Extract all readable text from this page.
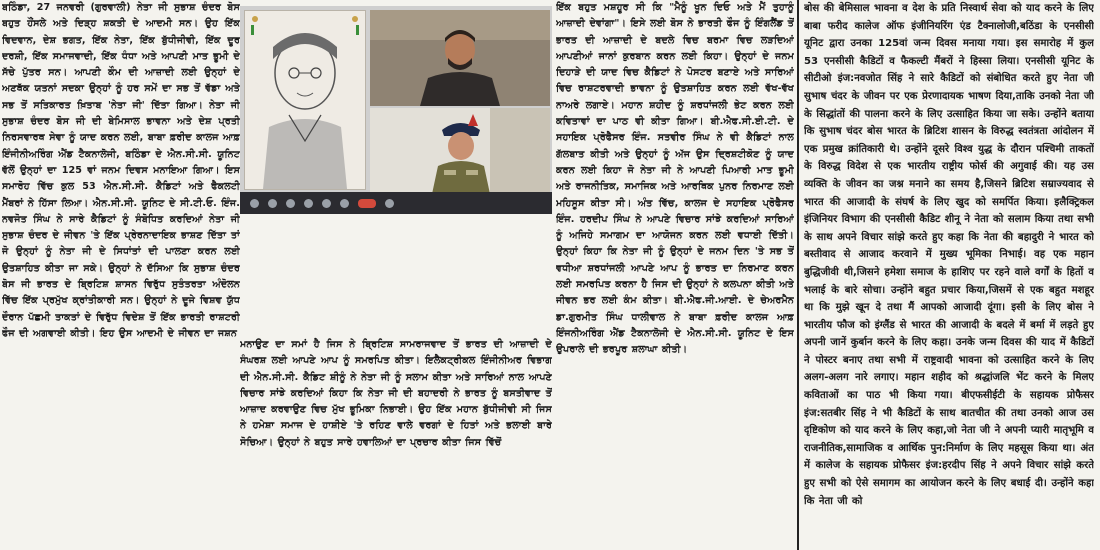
ਬਠਿੰਡਾ, 27 ਜਨਵਰੀ (ਗੁਰਵਾਲੀ) ਨੇਤਾ ਜੀ ਸੁਭਾਸ਼ ਚੰਦਰ ਬੋਸ ਬਹੁਤ ਹੌਂਸਲੇ ਅਤੇ ਦਿੜ੍ਹ ਸ਼ਕਤੀ ਦੇ ਆਦਮੀ ਸਨ। ਉਹ ਇੱਕ ਵਿਦਵਾਨ, ਦੇਸ਼ ਭਗਤ, ਇੱਕ ਨੇਤਾ, ਇੱਕ ਬੁੱਧੀਜੀਵੀ, ਇੱਕ ਦੂਰ ਦਰਸ਼ੀ, ਇੱਕ ਸਮਾਜਵਾਦੀ, ਇੱਕ ਧੰਧਾ ਅਤੇ ਆਪਣੀ ਮਾਤ ਭੂਮੀ ਦੇ ਸੱਚੇ ਪੁੱਤਰ ਸਨ। ਆਪਣੀ ਕੌਮ ਦੀ ਆਜ਼ਾਦੀ ਲਈ ਉਨ੍ਹਾਂ ਦੇ ਅਣਥੱਕ ਯਤਨਾਂ ਸਦਕਾ ਉਨ੍ਹਾਂ ਨੂੰ ਹਰ ਸਮੇਂ ਦਾ ਸਭ ਤੋਂ ਵੱਡਾ ਅਤੇ ਸਭ ਤੋਂ ਸਤਿਕਾਰਤ ਖ਼ਿਤਾਬ 'ਨੇਤਾ ਜੀ' ਦਿੱਤਾ ਗਿਆ। ਨੇਤਾ ਜੀ ਸੁਭਾਸ਼ ਚੰਦਰ ਬੋਸ ਜੀ ਦੀ ਬੇਮਿਸਾਲ ਭਾਵਨਾ ਅਤੇ ਦੇਸ਼ ਪ੍ਰਤੀ ਨਿਰਸਵਾਰਥ ਸੇਵਾ ਨੂੰ ਯਾਦ ਕਰਨ ਲਈ, ਬਾਬਾ ਫ਼ਰੀਦ ਕਾਲਜ ਆਫ਼ ਇੰਜੀਨੀਅਰਿੰਗ ਐਂਡ ਟੈਕਨਾਲੋਜੀ, ਬਠਿੰਡਾ ਦੇ ਐਨ.ਸੀ.ਸੀ. ਯੂਨਿਟ ਵੱਲੋਂ ਉਨ੍ਹਾਂ ਦਾ 125 ਵਾਂ ਜਨਮ ਦਿਵਸ ਮਨਾਇਆ ਗਿਆ। ਇਸ ਸਮਾਰੋਹ ਵਿੱਚ ਕੁਲ 53 ਐਨ.ਸੀ.ਸੀ. ਕੈਡਿਟਾਂ ਅਤੇ ਫੈਕਲਟੀ ਮੈਂਬਰਾਂ ਨੇ ਹਿੱਸਾ ਲਿਆ। ਐਨ.ਸੀ.ਸੀ. ਯੂਨਿਟ ਦੇ ਸੀ.ਟੀ.ਓ. ਇੰਜ. ਨਵਜੋਤ ਸਿੰਘ ਨੇ ਸਾਰੇ ਕੈਡਿਟਾਂ ਨੂੰ ਸੰਬੋਧਿਤ ਕਰਦਿਆਂ ਨੇਤਾ ਜੀ ਸੁਭਾਸ਼ ਚੰਦਰ ਦੇ ਜੀਵਨ 'ਤੇ ਇੱਕ ਪ੍ਰੇਰਨਾਦਾਇਕ ਭਾਸ਼ਣ ਦਿੱਤਾ ਤਾਂ ਜੋ ਉਨ੍ਹਾਂ ਨੂੰ ਨੇਤਾ ਜੀ ਦੇ ਸਿਧਾਂਤਾਂ ਦੀ ਪਾਲਣਾ ਕਰਨ ਲਈ ਉਤਸ਼ਾਹਿਤ ਕੀਤਾ ਜਾ ਸਕੇ। ਉਨ੍ਹਾਂ ਨੇ ਦੱਸਿਆ ਕਿ ਸੁਭਾਸ਼ ਚੰਦਰ ਬੋਸ ਜੀ ਭਾਰਤ ਦੇ ਬ੍ਰਿਟਿਸ਼ ਸ਼ਾਸਨ ਵਿਰੁੱਧ ਸੁਤੰਤਰਤਾ ਅੰਦੋਲਨ ਵਿੱਚ ਇੱਕ ਪ੍ਰਮੁੱਖ ਕ੍ਰਾਂਤੀਕਾਰੀ ਸਨ। ਉਨ੍ਹਾਂ ਨੇ ਦੂਜੇ ਵਿਸ਼ਵ ਯੁੱਧ ਦੌਰਾਨ ਪੱਛਮੀ ਤਾਕਤਾਂ ਦੇ ਵਿਰੁੱਧ ਵਿਦੇਸ਼ ਤੋਂ ਇੱਕ ਭਾਰਤੀ ਰਾਸ਼ਟਰੀ ਫੌਜ ਦੀ ਅਗਵਾਈ ਕੀਤੀ। ਇਹ ਉਸ ਆਦਮੀ ਦੇ ਜੀਵਨ ਦਾ ਜਸ਼ਨ

ਮਨਾਉਣ ਦਾ ਸਮਾਂ ਹੈ ਜਿਸ ਨੇ ਬ੍ਰਿਟਿਸ਼ ਸਾਮਰਾਜਵਾਦ ਤੋਂ ਭਾਰਤ ਦੀ ਆਜ਼ਾਦੀ ਦੇ ਸੰਘਰਸ਼ ਲਈ ਆਪਣੇ ਆਪ ਨੂੰ ਸਮਰਪਿਤ ਕੀਤਾ। ਇਲੈਕਟ੍ਰੀਕਲ ਇੰਜੀਨੀਅਰ ਵਿਭਾਗ ਦੀ ਐਨ.ਸੀ.ਸੀ. ਕੈਡਿਟ ਸ਼ੀਨੂੰ ਨੇ ਨੇਤਾ ਜੀ ਨੂੰ ਸਲਾਮ ਕੀਤਾ ਅਤੇ ਸਾਰਿਆਂ ਨਾਲ ਆਪਣੇ ਵਿਚਾਰ ਸਾਂਝੇ ਕਰਦਿਆਂ ਕਿਹਾ ਕਿ ਨੇਤਾ ਜੀ ਦੀ ਬਹਾਦਰੀ ਨੇ ਭਾਰਤ ਨੂੰ ਬਸਤੀਵਾਦ ਤੋਂ ਆਜ਼ਾਦ ਕਰਵਾਉਣ ਵਿਚ ਮੁੱਖ ਭੂਮਿਕਾ ਨਿਭਾਈ। ਉਹ ਇੱਕ ਮਹਾਨ ਬੁੱਧੀਜੀਵੀ ਸੀ ਜਿਸ ਨੇ ਹਮੇਸ਼ਾ ਸਮਾਜ ਦੇ ਹਾਸ਼ੀਏ 'ਤੇ ਰਹਿਣ ਵਾਲੇ ਵਰਗਾਂ ਦੇ ਹਿਤਾਂ ਅਤੇ ਭਲਾਈ ਬਾਰੇ ਸੋਚਿਆ। ਉਨ੍ਹਾਂ ਨੇ ਬਹੁਤ ਸਾਰੇ ਹਵਾਲਿਆਂ ਦਾ ਪ੍ਰਚਾਰ ਕੀਤਾ ਜਿਸ ਵਿੱਚੋਂ

ਇੱਕ ਬਹੁਤ ਮਸ਼ਹੂਰ ਸੀ ਕਿ "ਮੈਨੂੰ ਖੂਨ ਦਿਓ ਅਤੇ ਮੈਂ ਤੁਹਾਨੂੰ ਆਜ਼ਾਦੀ ਦੇਵਾਂਗਾ"। ਇਸੇ ਲਈ ਬੋਸ ਨੇ ਭਾਰਤੀ ਫੌਜ ਨੂੰ ਇੰਗਲੈਂਡ ਤੋਂ ਭਾਰਤ ਦੀ ਆਜ਼ਾਦੀ ਦੇ ਬਦਲੇ ਵਿਚ ਬਰਮਾ ਵਿਚ ਲੜਦਿਆਂ ਆਪਣੀਆਂ ਜਾਨਾਂ ਕੁਰਬਾਨ ਕਰਨ ਲਈ ਕਿਹਾ। ਉਨ੍ਹਾਂ ਦੇ ਜਨਮ ਦਿਹਾੜੇ ਦੀ ਯਾਦ ਵਿਚ ਕੈਡਿਟਾਂ ਨੇ ਪੋਸਟਰ ਬਣਾਏ ਅਤੇ ਸਾਰਿਆਂ ਵਿਚ ਰਾਸ਼ਟਰਵਾਦੀ ਭਾਵਨਾ ਨੂੰ ਉਤਸ਼ਾਹਿਤ ਕਰਨ ਲਈ ਵੱਖ-ਵੱਖ ਨਾਅਰੇ ਲਗਾਏ। ਮਹਾਨ ਸ਼ਹੀਦ ਨੂੰ ਸ਼ਰਧਾਂਜਲੀ ਭੇਟ ਕਰਨ ਲਈ ਕਵਿਤਾਵਾਂ ਦਾ ਪਾਠ ਵੀ ਕੀਤਾ ਗਿਆ। ਬੀ.ਐਫ.ਸੀ.ਈ.ਟੀ. ਦੇ ਸਹਾਇਕ ਪ੍ਰੋਫੈਸਰ ਇੰਜ. ਸਤਵੀਰ ਸਿੰਘ ਨੇ ਵੀ ਕੈਡਿਟਾਂ ਨਾਲ ਗੱਲਬਾਤ ਕੀਤੀ ਅਤੇ ਉਨ੍ਹਾਂ ਨੂੰ ਅੱਜ ਉਸ ਦ੍ਰਿਸ਼ਟੀਕੋਣ ਨੂੰ ਯਾਦ ਕਰਨ ਲਈ ਕਿਹਾ ਜੋ ਨੇਤਾ ਜੀ ਨੇ ਆਪਣੀ ਪਿਆਰੀ ਮਾਤ ਭੂਮੀ ਅਤੇ ਰਾਜਨੀਤਿਕ, ਸਮਾਜਿਕ ਅਤੇ ਆਰਥਿਕ ਪੁਨਰ ਨਿਰਮਾਣ ਲਈ ਮਹਿਸੂਸ ਕੀਤਾ ਸੀ। ਅੰਤ ਵਿੱਚ, ਕਾਲਜ ਦੇ ਸਹਾਇਕ ਪ੍ਰੋਫੈਸਰ ਇੰਜ. ਹਰਦੀਪ ਸਿੰਘ ਨੇ ਆਪਣੇ ਵਿਚਾਰ ਸਾਂਝੇ ਕਰਦਿਆਂ ਸਾਰਿਆਂ ਨੂੰ ਅਜਿਹੇ ਸਮਾਗਮ ਦਾ ਆਯੋਜਨ ਕਰਨ ਲਈ ਵਧਾਈ ਦਿੱਤੀ। ਉਨ੍ਹਾਂ ਕਿਹਾ ਕਿ ਨੇਤਾ ਜੀ ਨੂੰ ਉਨ੍ਹਾਂ ਦੇ ਜਨਮ ਦਿਨ 'ਤੇ ਸਭ ਤੋਂ ਵਧੀਆ ਸ਼ਰਧਾਂਜਲੀ ਆਪਣੇ ਆਪ ਨੂੰ ਭਾਰਤ ਦਾ ਨਿਰਮਾਣ ਕਰਨ ਲਈ ਸਮਰਪਿਤ ਕਰਨਾ ਹੈ ਜਿਸ ਦੀ ਉਨ੍ਹਾਂ ਨੇ ਕਲਪਨਾ ਕੀਤੀ ਅਤੇ ਜੀਵਨ ਭਰ ਲਈ ਕੰਮ ਕੀਤਾ। ਬੀ.ਐਫ.ਜੀ.ਆਈ. ਦੇ ਚੇਅਰਮੈਨ ਡਾ.ਗੁਰਮੀਤ ਸਿੰਘ ਧਾਲੀਵਾਲ ਨੇ ਬਾਬਾ ਫ਼ਰੀਦ ਕਾਲਜ ਆਫ਼ ਇੰਜਨੀਅਰਿੰਗ ਐਂਡ ਟੈਕਨਾਲੋਜੀ ਦੇ ਐਨ.ਸੀ.ਸੀ. ਯੂਨਿਟ ਦੇ ਇਸ ਉਪਰਾਲੇ ਦੀ ਭਰਪੂਰ ਸ਼ਲਾਘਾ ਕੀਤੀ।

बोस की बेमिसाल भावना व देश के प्रति निस्वार्थ सेवा को याद करने के लिए बाबा फरीद कालेज ऑफ इंजीनियरिंग एंड टैक्नालोजी,बठिंडा के एनसीसी यूनिट द्वारा उनका 125वां जन्म दिवस मनाया गया। इस समारोह में कुल 53 एनसीसी कैडिटों व फैकल्टी मैंबरों ने हिस्सा लिया। एनसीसी यूनिट के सीटीओ इंज:नवजोत सिंह ने सारे कैडिटों को संबोधित करते हुए नेता जी सुभाष चंदर के जीवन पर एक प्रेरणादायक भाषण दिया,ताकि उनको नेता जी के सिद्धांतों की पालना करने के लिए उत्साहित किया जा सके। उन्होंने बताया कि सुभाष चंदर बोस भारत के ब्रिटिश शासन के विरुद्ध स्वतंत्रता आंदोलन में एक प्रमुख क्रांतिकारी थे। उन्होंने दूसरे विश्व युद्ध के दौरान पश्चिमी ताकतों के विरुद्ध विदेश से एक भारतीय राष्ट्रीय फोर्स की अगुवाई की। यह उस व्यक्ति के जीवन का जश्न मनाने का समय है,जिसने ब्रिटिश सम्राज्यवाद से भारत की आजादी के संघर्ष के लिए खुद को समर्पित किया। इलैक्ट्रिकल इंजिनियर विभाग की एनसीसी कैडिट शीनू ने नेता को सलाम किया तथा सभी के साथ अपने विचार सांझे करते हुए कहा कि नेता की बहादुरी ने भारत को बस्तीवाद से आजाद करवाने में मुख्य भूमिका निभाई। वह एक महान बुद्धिजीवी थी,जिसने हमेशा समाज के हाशिए पर रहने वाले वर्गों के हितों व भलाई के बारे सोचा। उन्होंने बहुत प्रचार किया,जिसमें से एक बहुत मशहूर था कि मुझे खून दे तथा मैं आपको आजादी दूंगा। इसी के लिए बोस ने भारतीय फौज को इंग्लैंड से भारत की आजादी के बदले में बर्मा में लड़ते हुए अपनी जानें कुर्बान करने के लिए कहा। उनके जन्म दिवस की याद में कैडिटों ने पोस्टर बनाए तथा सभी में राष्ट्रवादी भावना को उत्साहित करने के लिए अलग-अलग नारे लगाए। महान शहीद को श्रद्धांजलि भेंट करने के मिलए कविताओं का पाठ भी किया गया। बीएफसीईटी के सहायक प्रोफैसर इंज:सतबीर सिंह ने भी कैडिटों के साथ बातचीत की तथा उनको आज उस दृष्टिकोण को याद करने के लिए कहा,जो नेता जी ने अपनी प्यारी मातृभूमि व राजनीतिक,सामाजिक व आर्थिक पुन:निर्माण के लिए महसूस किया था। अंत में कालेज के सहायक प्रोफैसर इंज:हरदीप सिंह ने अपने विचार सांझे करते हुए सभी को ऐसे समागम का आयोजन करने के लिए बधाई दी। उन्होंने कहा कि नेता जी को
